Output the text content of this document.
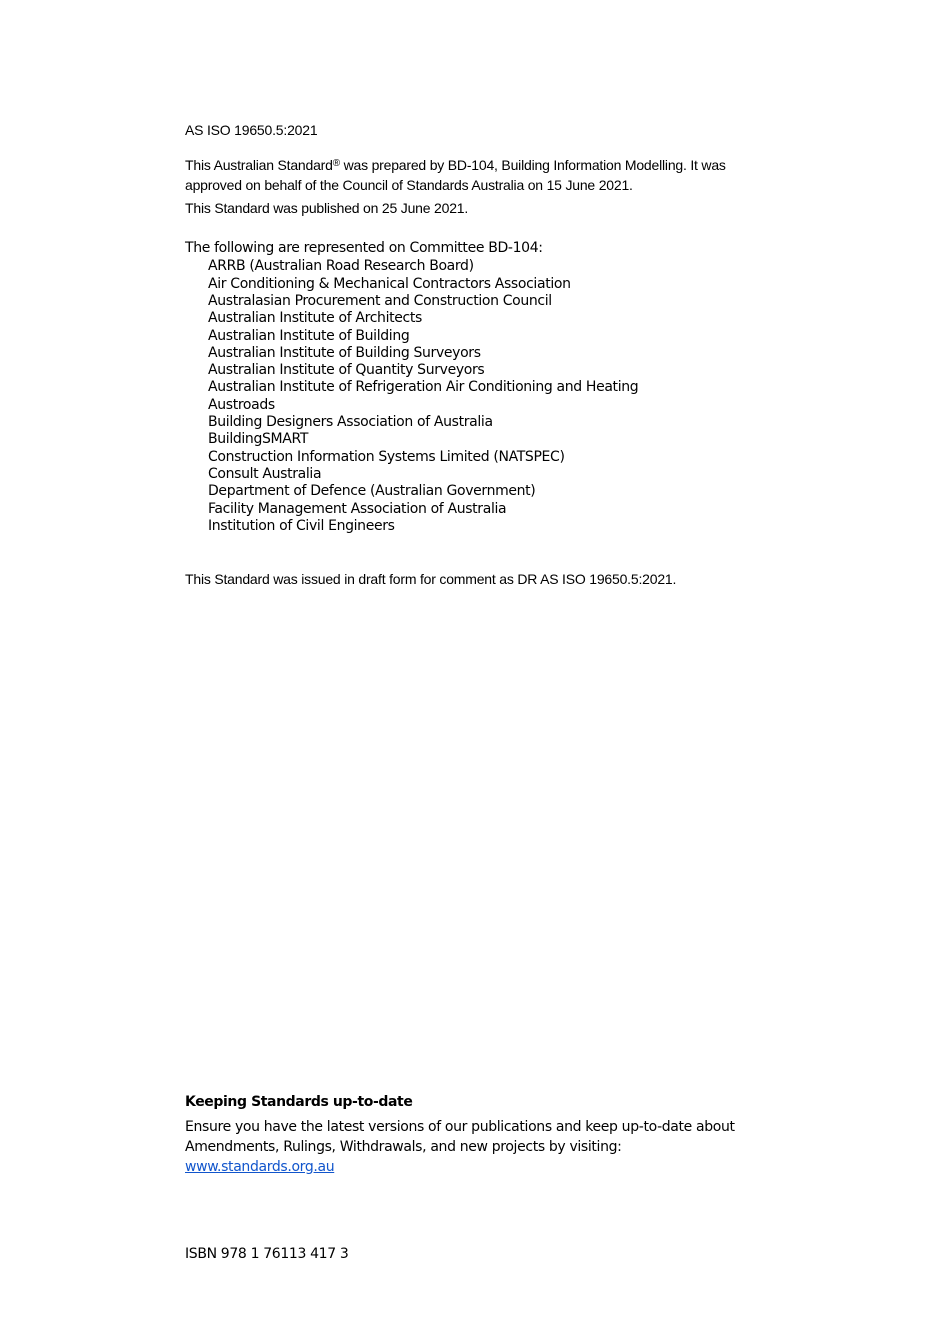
AS ISO 19650.5:2021
This Australian Standard® was prepared by BD-104, Building Information Modelling. It was approved on behalf of the Council of Standards Australia on 15 June 2021.
This Standard was published on 25 June 2021.
The following are represented on Committee BD-104:
ARRB (Australian Road Research Board)
Air Conditioning & Mechanical Contractors Association
Australasian Procurement and Construction Council
Australian Institute of Architects
Australian Institute of Building
Australian Institute of Building Surveyors
Australian Institute of Quantity Surveyors
Australian Institute of Refrigeration Air Conditioning and Heating
Austroads
Building Designers Association of Australia
BuildingSMART
Construction Information Systems Limited (NATSPEC)
Consult Australia
Department of Defence (Australian Government)
Facility Management Association of Australia
Institution of Civil Engineers
This Standard was issued in draft form for comment as DR AS ISO 19650.5:2021.
Keeping Standards up-to-date
Ensure you have the latest versions of our publications and keep up-to-date about Amendments, Rulings, Withdrawals, and new projects by visiting:
www.standards.org.au
ISBN 978 1 76113 417 3
